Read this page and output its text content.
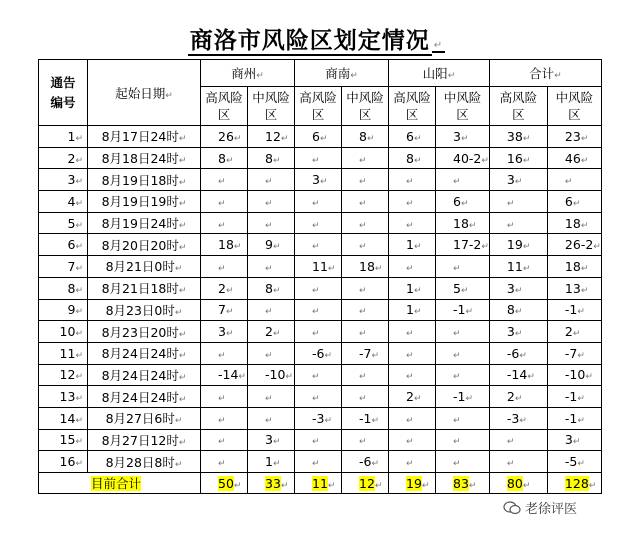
商洛市风险区划定情况 ↵
通告编号	起始日期↵	商州↵		商南↵		山阳↵		合计↵	
		高风险区	中风险区	高风险区	中风险区	高风险区	中风险区	高风险区	中风险区
1↵	8月17日24时↵	26↵	12↵	6↵	8↵	6↵	3↵	38↵	23↵
2↵	8月18日24时↵	8↵	8↵	↵	↵	8↵	40-2↵	16↵	46↵
3↵	8月19日18时↵	↵	↵	3↵	↵	↵	↵	3↵	↵
4↵	8月19日19时↵	↵	↵	↵	↵	↵	6↵	↵	6↵
5↵	8月19日24时↵	↵	↵	↵	↵	↵	18↵	↵	18↵
6↵	8月20日20时↵	18↵	9↵	↵	↵	1↵	17-2↵	19↵	26-2↵
7↵	8月21日0时↵	↵	↵	11↵	18↵	↵	↵	11↵	18↵
8↵	8月21日18时↵	2↵	8↵	↵	↵	1↵	5↵	3↵	13↵
9↵	8月23日0时↵	7↵	↵	↵	↵	1↵	-1↵	8↵	-1↵
10↵	8月23日20时↵	3↵	2↵	↵	↵	↵	↵	3↵	2↵
11↵	8月24日24时↵	↵	↵	-6↵	-7↵	↵	↵	-6↵	-7↵
12↵	8月24日24时↵	-14↵	-10↵	↵	↵	↵	↵	-14↵	-10↵
13↵	8月24日24时↵	↵	↵	↵	↵	2↵	-1↵	2↵	-1↵
14↵	8月27日6时↵	↵	↵	-3↵	-1↵	↵	↵	-3↵	-1↵
15↵	8月27日12时↵	↵	3↵	↵	↵	↵	↵	↵	3↵
16↵	8月28日8时↵	↵	1↵	↵	-6↵	↵	↵	↵	-5↵
目前合计		50↵	33↵	11↵	12↵	19↵	83↵	80↵	128↵
老徐评医
